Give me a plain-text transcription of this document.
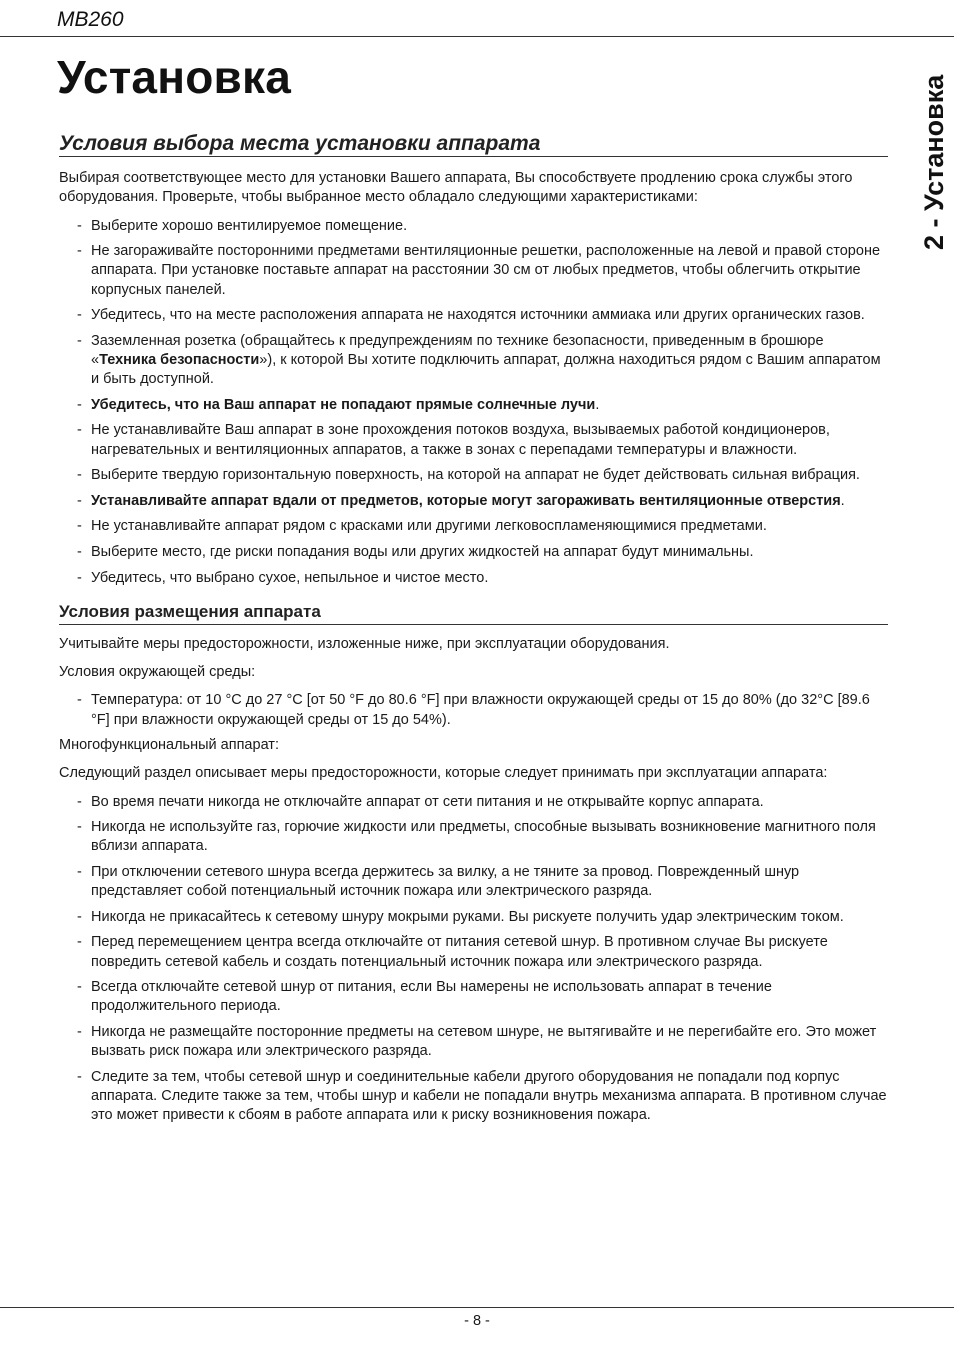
MB260
Установка	2 - Установка
Условия выбора места установки аппарата

Выбирая соответствующее место для установки Вашего аппарата, Вы способствуете продлению срока службы этого оборудования. Проверьте, чтобы выбранное место обладало следующими характеристиками:

- Выберите хорошо вентилируемое помещение.
- Не загораживайте посторонними предметами вентиляционные решетки, расположенные на левой и правой стороне аппарата. При установке поставьте аппарат на расстоянии 30 см от любых предметов, чтобы облегчить открытие корпусных панелей.
- Убедитесь, что на месте расположения аппарата не находятся источники аммиака или других органических газов.
- Заземленная розетка (обращайтесь к предупреждениям по технике безопасности, приведенным в брошюре «Техника безопасности»), к которой Вы хотите подключить аппарат, должна находиться рядом с Вашим аппаратом и быть доступной.
- Убедитесь, что на Ваш аппарат не попадают прямые солнечные лучи.
- Не устанавливайте Ваш аппарат в зоне прохождения потоков воздуха, вызываемых работой кондиционеров, нагревательных и вентиляционных аппаратов, а также в зонах с перепадами температуры и влажности.
- Выберите твердую горизонтальную поверхность, на которой на аппарат не будет действовать сильная вибрация.
- Устанавливайте аппарат вдали от предметов, которые могут загораживать вентиляционные отверстия.
- Не устанавливайте аппарат рядом с красками или другими легковоспламеняющимися предметами.
- Выберите место, где риски попадания воды или других жидкостей на аппарат будут минимальны.
- Убедитесь, что выбрано сухое, непыльное и чистое место.
Условия размещения аппарата

Учитывайте меры предосторожности, изложенные ниже, при эксплуатации оборудования.

Условия окружающей среды:

- Температура: от 10 °C до 27 °C [от 50 °F до 80.6 °F] при влажности окружающей среды от 15 до 80% (до 32°C [89.6 °F] при влажности окружающей среды от 15 до 54%).

Многофункциональный аппарат:

Следующий раздел описывает меры предосторожности, которые следует принимать при эксплуатации аппарата:

- Во время печати никогда не отключайте аппарат от сети питания и не открывайте корпус аппарата.
- Никогда не используйте газ, горючие жидкости или предметы, способные вызывать возникновение магнитного поля вблизи аппарата.
- При отключении сетевого шнура всегда держитесь за вилку, а не тяните за провод. Поврежденный шнур представляет собой потенциальный источник пожара или электрического разряда.
- Никогда не прикасайтесь к сетевому шнуру мокрыми руками. Вы рискуете получить удар электрическим током.
- Перед перемещением центра всегда отключайте от питания сетевой шнур. В противном случае Вы рискуете повредить сетевой кабель и создать потенциальный источник пожара или электрического разряда.
- Всегда отключайте сетевой шнур от питания, если Вы намерены не использовать аппарат в течение продолжительного периода.
- Никогда не размещайте посторонние предметы на сетевом шнуре, не вытягивайте и не перегибайте его. Это может вызвать риск пожара или электрического разряда.
- Следите за тем, чтобы сетевой шнур и соединительные кабели другого оборудования не попадали под корпус аппарата. Следите также за тем, чтобы шнур и кабели не попадали внутрь механизма аппарата. В противном случае это может привести к сбоям в работе аппарата или к риску возникновения пожара.
- 8 -
